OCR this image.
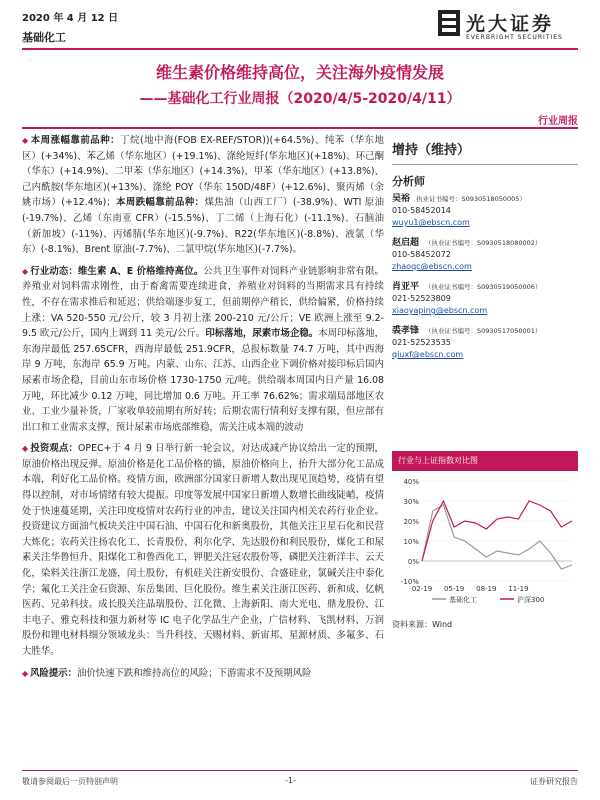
2020 年 4 月 12 日
基础化工
光大证券
EVERBRIGHT SECURITIES
维生素价格维持高位，关注海外疫情发展
——基础化工行业周报（2020/4/5-2020/4/11）
行业周报

◆ 本周涨幅靠前品种：丁烷(地中海(FOB EX-REF/STOR))(+64.5%)、纯苯（华东地区）(+34%)、苯乙烯（华东地区）(+19.1%)、涤纶短纤(华东地区)(+18%)、环己酮（华东）(+14.9%)、二甲苯（华东地区）(+14.3%)、甲苯（华东地区）(+13.8%)、己内酰胺(华东地区)(+13%)、涤纶 POY（华东 150D/48F）(+12.6%)、聚丙烯（余姚市场）(+12.4%)；本周跌幅靠前品种：煤焦油（山西工厂）(-38.9%)、WTI 原油(-19.7%)、乙烯（东南亚 CFR）(-15.5%)、丁二烯（上海石化）(-11.1%)、石脑油（新加坡）(-11%)、丙烯腈(华东地区)(-9.7%)、R22(华东地区)(-8.8%)、液氯（华东）(-8.1%)、Brent 原油(-7.7%)、二氯甲烷(华东地区)(-7.7%)。

◆ 行业动态：维生素 A、E 价格维持高位。公共卫生事件对饲料产业链影响非常有限。养殖业对饲料需求刚性，由于畜禽需要连续进食，养殖业对饲料的当期需求具有持续性，不存在需求推后和延迟；供给端逐步复工，但前期停产稍长，供给偏紧，价格持续上涨：VA 520-550 元/公斤，较 3 月初上涨 200-210 元/公斤；VE 欧洲上涨至 9.2-9.5 欧元/公斤，国内上调到 11 美元/公斤。印标落地，尿素市场企稳。本周印标落地，东海岸最低 257.65CFR，西海岸最低 251.9CFR，总报标数量 74.7 万吨，其中西海岸 9 万吨，东海岸 65.9 万吨。内蒙、山东、江苏、山西企业下调价格对接印标后国内尿素市场企稳，目前山东市场价格 1730-1750 元/吨。供给端本周国内日产量 16.08 万吨，环比减少 0.12 万吨，同比增加 0.6 万吨。开工率 76.62%；需求端局部地区农业、工业少量补货，厂家收单较前期有所好转；后期农需行情利好支撑有限，但应部有出口和工业需求支撑，预计尿素市场底部维稳，需关注成本端的波动

◆ 投资观点：OPEC+于 4 月 9 日举行新一轮会议，对达成减产协议给出一定的预期，原油价格出现反弹。原油价格是化工品价格的锚，原油价格向上，抬升大部分化工品成本端，利好化工品价格。疫情方面，欧洲部分国家日新增人数出现见顶趋势，疫情有望得以控制，对市场情绪有较大提振。印度等发展中国家日新增人数增长曲线陡峭，疫情处于快速蔓延期，关注印度疫情对农药行业的冲击，建议关注国内相关农药行业企业。投资建议方面油气板块关注中国石油、中国石化和新奥股份，其他关注卫星石化和民营大炼化；农药关注扬农化工、长青股份、利尔化学、先达股份和利民股份，煤化工和尿素关注华鲁恒升、阳煤化工和鲁西化工，钾肥关注冠农股份等，磷肥关注新洋丰、云天化，染料关注浙江龙盛，闰土股份，有机硅关注新安股份、合盛硅业，氯碱关注中泰化学；氟化工关注金石资源、东岳集团、巨化股份。维生素关注浙江医药、新和成、亿帆医药、兄弟科技。成长股关注晶瑞股份、江化微、上海新阳、南大光电、鼎龙股份、江丰电子、雅克科技和强力新材等 IC 电子化学品生产企业，广信材料、飞凯材料、万润股份和锂电材料细分领域龙头：当升科技、天赐材料、新宙邦、星源材质、多氟多、石大胜华。

◆ 风险提示：油价快速下跌和维持高位的风险；下游需求不及预期风险

增持（维持）
分析师
吴裕 执业证书编号：S0930518050005）
010-58452014
wuyu1@ebscn.com
赵启超 （执业证书编号：S0930518080002）
010-58452072
zhaoqc@ebscn.com
肖亚平 （执业证书编号：S0930519050006）
021-52523809
xiaoyaping@ebscn.com
裘孝锋 （执业证书编号：S0930517050001）
021-52523535
qiuxf@ebscn.com
行业与上证指数对比图
40%
30%
20%
10%
0%
-10%
02-19 05-19 08-19 11-19
基础化工	沪深300
资料来源：Wind
敬请参阅最后一页特别声明	-1-	证券研究报告
